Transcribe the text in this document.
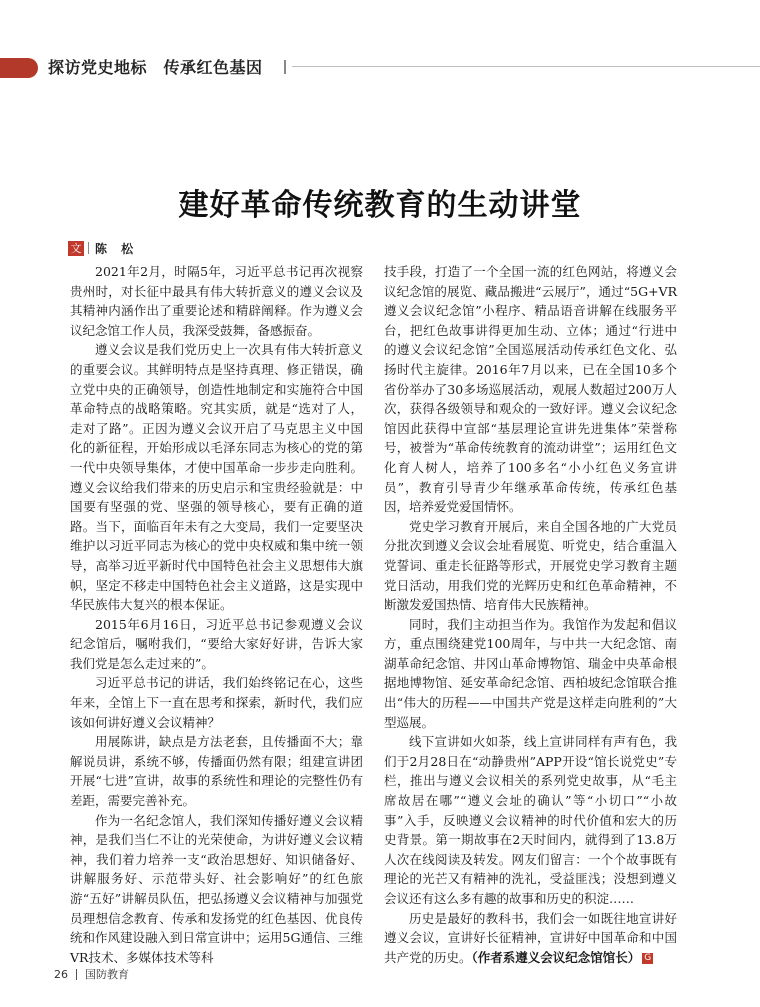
探访党史地标　传承红色基因
建好革命传统教育的生动讲堂
文 陈 松

2021年2月，时隔5年，习近平总书记再次视察贵州时，对长征中最具有伟大转折意义的遵义会议及其精神内涵作出了重要论述和精辟阐释。作为遵义会议纪念馆工作人员，我深受鼓舞，备感振奋。

遵义会议是我们党历史上一次具有伟大转折意义的重要会议。其鲜明特点是坚持真理、修正错误，确立党中央的正确领导，创造性地制定和实施符合中国革命特点的战略策略。究其实质，就是“选对了人，走对了路”。正因为遵义会议开启了马克思主义中国化的新征程，开始形成以毛泽东同志为核心的党的第一代中央领导集体，才使中国革命一步步走向胜利。遵义会议给我们带来的历史启示和宝贵经验就是：中国要有坚强的党、坚强的领导核心，要有正确的道路。当下，面临百年未有之大变局，我们一定要坚决维护以习近平同志为核心的党中央权威和集中统一领导，高举习近平新时代中国特色社会主义思想伟大旗帜，坚定不移走中国特色社会主义道路，这是实现中华民族伟大复兴的根本保证。

2015年6月16日，习近平总书记参观遵义会议纪念馆后，嘱咐我们，“要给大家好好讲，告诉大家我们党是怎么走过来的”。

习近平总书记的讲话，我们始终铭记在心，这些年来，全馆上下一直在思考和探索，新时代，我们应该如何讲好遵义会议精神？

用展陈讲，缺点是方法老套，且传播面不大；靠解说员讲，系统不够，传播面仍然有限；组建宣讲团开展“七进”宣讲，故事的系统性和理论的完整性仍有差距，需要完善补充。

作为一名纪念馆人，我们深知传播好遵义会议精神，是我们当仁不让的光荣使命，为讲好遵义会议精神，我们着力培养一支“政治思想好、知识储备好、讲解服务好、示范带头好、社会影响好”的红色旅游“五好”讲解员队伍，把弘扬遵义会议精神与加强党员理想信念教育、传承和发扬党的红色基因、优良传统和作风建设融入到日常宣讲中；运用5G通信、三维VR技术、多媒体技术等科

技手段，打造了一个全国一流的红色网站，将遵义会议纪念馆的展览、藏品搬进“云展厅”，通过“5G+VR遵义会议纪念馆”小程序、精品语音讲解在线服务平台，把红色故事讲得更加生动、立体；通过“行进中的遵义会议纪念馆”全国巡展活动传承红色文化、弘扬时代主旋律。2016年7月以来，已在全国10多个省份举办了30多场巡展活动，观展人数超过200万人次，获得各级领导和观众的一致好评。遵义会议纪念馆因此获得中宣部“基层理论宣讲先进集体”荣誉称号，被誉为“革命传统教育的流动讲堂”；运用红色文化育人树人，培养了100多名“小小红色义务宣讲员”，教育引导青少年继承革命传统，传承红色基因，培养爱党爱国情怀。

党史学习教育开展后，来自全国各地的广大党员分批次到遵义会议会址看展览、听党史，结合重温入党誓词、重走长征路等形式，开展党史学习教育主题党日活动，用我们党的光辉历史和红色革命精神，不断激发爱国热情、培育伟大民族精神。

同时，我们主动担当作为。我馆作为发起和倡议方，重点围绕建党100周年，与中共一大纪念馆、南湖革命纪念馆、井冈山革命博物馆、瑞金中央革命根据地博物馆、延安革命纪念馆、西柏坡纪念馆联合推出“伟大的历程——中国共产党是这样走向胜利的”大型巡展。

线下宣讲如火如荼，线上宣讲同样有声有色，我们于2月28日在“动静贵州”APP开设“馆长说党史”专栏，推出与遵义会议相关的系列党史故事，从“毛主席故居在哪”“遵义会址的确认”等“小切口”“小故事”入手，反映遵义会议精神的时代价值和宏大的历史背景。第一期故事在2天时间内，就得到了13.8万人次在线阅读及转发。网友们留言：一个个故事既有理论的光芒又有精神的洗礼，受益匪浅；没想到遵义会议还有这么多有趣的故事和历史的积淀……

历史是最好的教科书，我们会一如既往地宣讲好遵义会议，宣讲好长征精神，宣讲好中国革命和中国共产党的历史。（作者系遵义会议纪念馆馆长） G

26 国防教育
